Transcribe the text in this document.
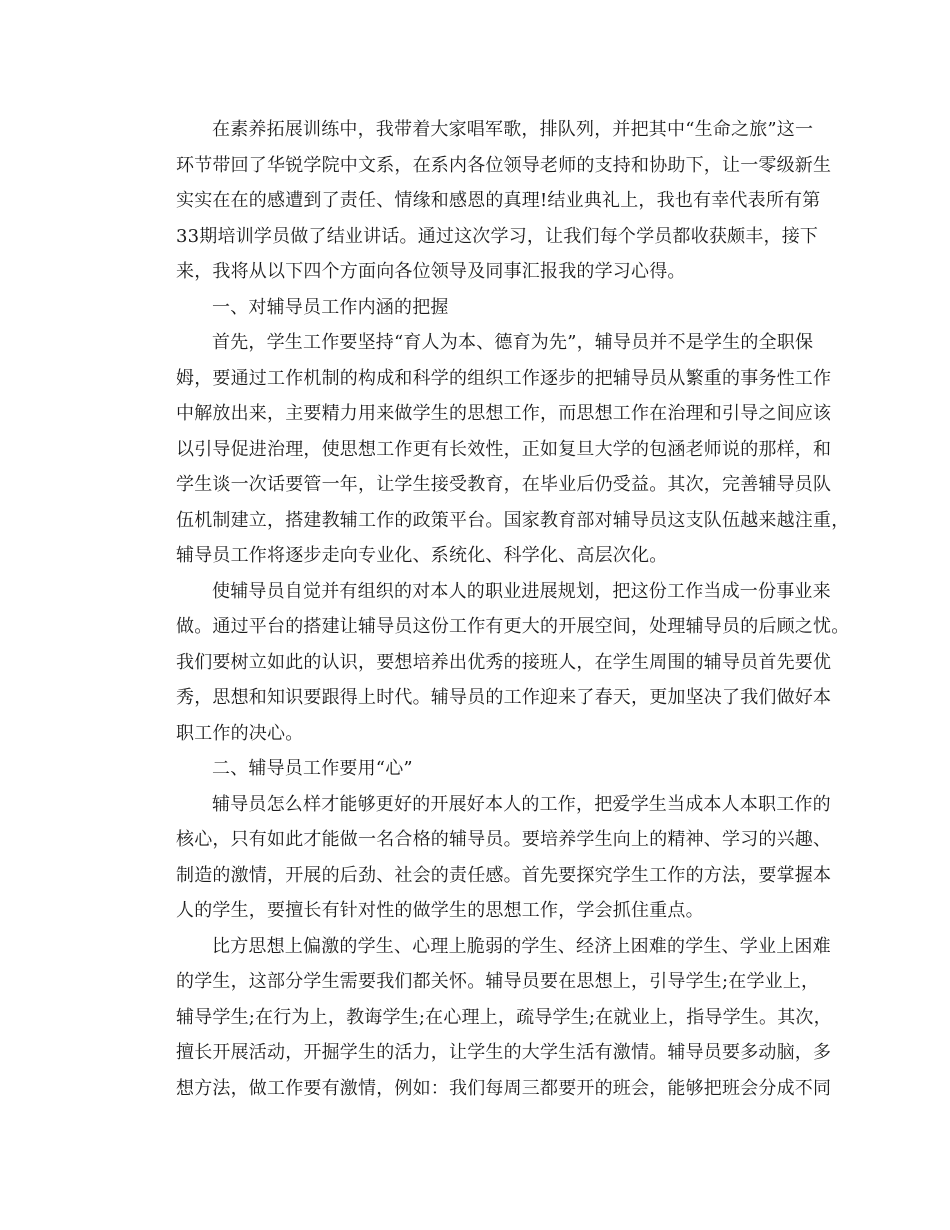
在素养拓展训练中，我带着大家唱军歌，排队列，并把其中“生命之旅”这一
环节带回了华锐学院中文系，在系内各位领导老师的支持和协助下，让一零级新生
实实在在的感遭到了责任、情缘和感恩的真理!结业典礼上，我也有幸代表所有第
33期培训学员做了结业讲话。通过这次学习，让我们每个学员都收获颇丰，接下
来，我将从以下四个方面向各位领导及同事汇报我的学习心得。
一、对辅导员工作内涵的把握
首先，学生工作要坚持“育人为本、德育为先”，辅导员并不是学生的全职保
姆，要通过工作机制的构成和科学的组织工作逐步的把辅导员从繁重的事务性工作
中解放出来，主要精力用来做学生的思想工作，而思想工作在治理和引导之间应该
以引导促进治理，使思想工作更有长效性，正如复旦大学的包涵老师说的那样，和
学生谈一次话要管一年，让学生接受教育，在毕业后仍受益。其次，完善辅导员队
伍机制建立，搭建教辅工作的政策平台。国家教育部对辅导员这支队伍越来越注重，
辅导员工作将逐步走向专业化、系统化、科学化、高层次化。
使辅导员自觉并有组织的对本人的职业进展规划，把这份工作当成一份事业来
做。通过平台的搭建让辅导员这份工作有更大的开展空间，处理辅导员的后顾之忧。
我们要树立如此的认识，要想培养出优秀的接班人，在学生周围的辅导员首先要优
秀，思想和知识要跟得上时代。辅导员的工作迎来了春天，更加坚决了我们做好本
职工作的决心。
二、辅导员工作要用“心”
辅导员怎么样才能够更好的开展好本人的工作，把爱学生当成本人本职工作的
核心，只有如此才能做一名合格的辅导员。要培养学生向上的精神、学习的兴趣、
制造的激情，开展的后劲、社会的责任感。首先要探究学生工作的方法，要掌握本
人的学生，要擅长有针对性的做学生的思想工作，学会抓住重点。
比方思想上偏激的学生、心理上脆弱的学生、经济上困难的学生、学业上困难
的学生，这部分学生需要我们都关怀。辅导员要在思想上，引导学生;在学业上，
辅导学生;在行为上，教诲学生;在心理上，疏导学生;在就业上，指导学生。其次，
擅长开展活动，开掘学生的活力，让学生的大学生活有激情。辅导员要多动脑，多
想方法，做工作要有激情，例如：我们每周三都要开的班会，能够把班会分成不同
